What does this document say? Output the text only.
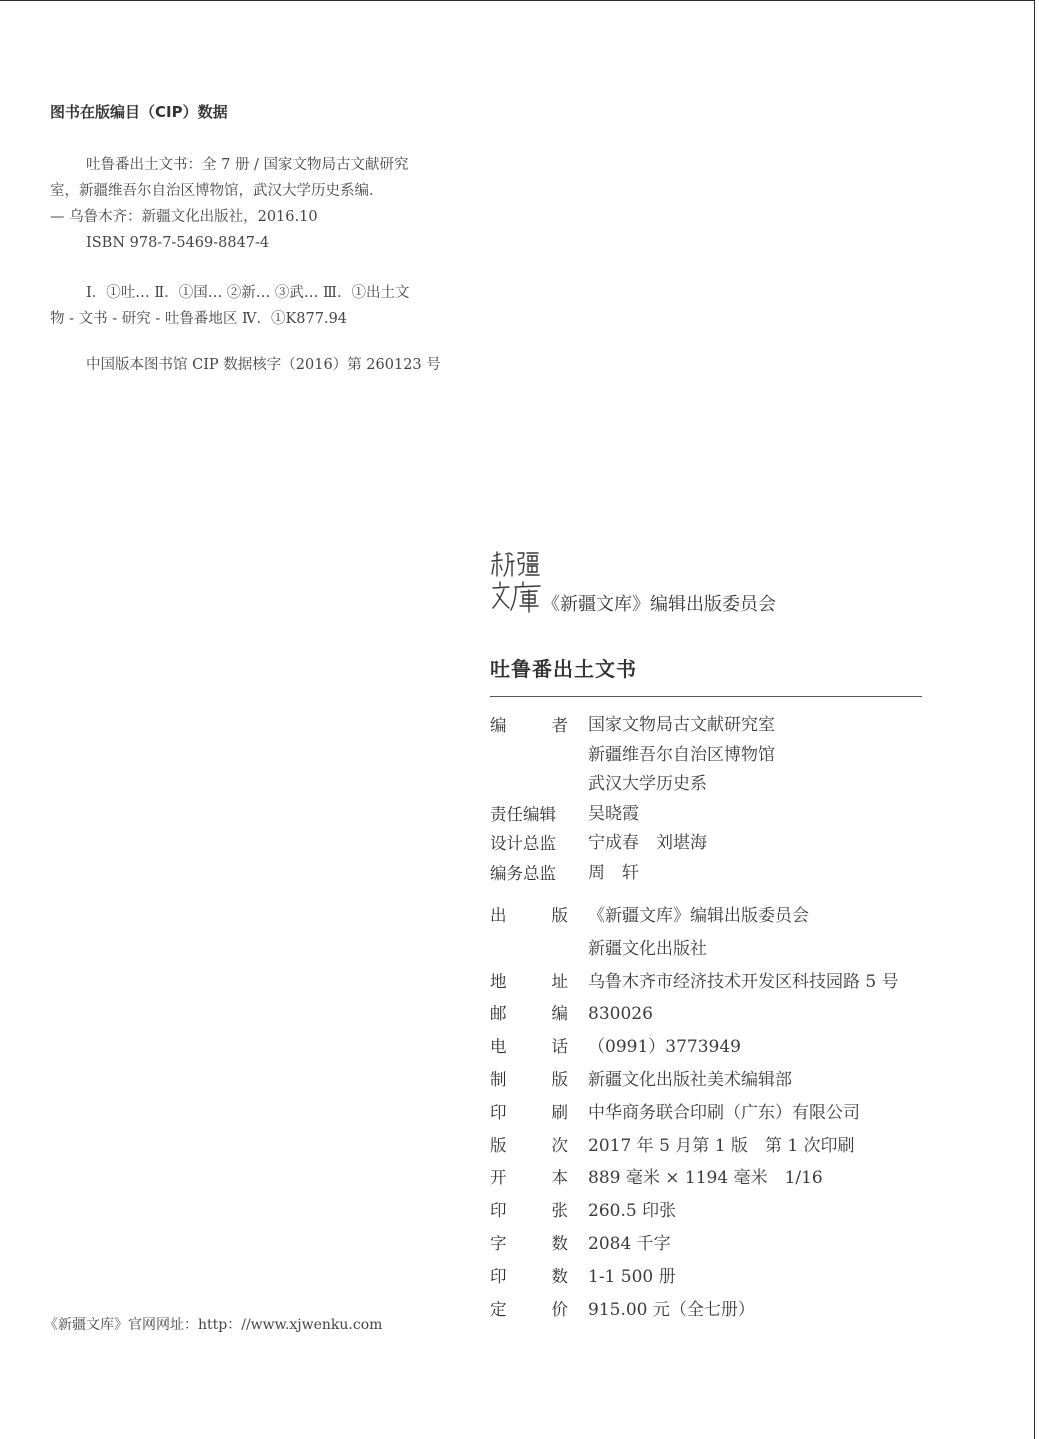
图书在版编目（CIP）数据

吐鲁番出土文书：全 7 册 / 国家文物局古文献研究

室，新疆维吾尔自治区博物馆，武汉大学历史系编．

— 乌鲁木齐：新疆文化出版社，2016.10

ISBN 978-7-5469-8847-4

Ⅰ．①吐… Ⅱ．①国… ②新… ③武… Ⅲ．①出土文

物 - 文书 - 研究 - 吐鲁番地区 Ⅳ．①K877.94

中国版本图书馆 CIP 数据核字（2016）第 260123 号

《新疆文库》官网网址：http：//www.xjwenku.com
《新疆文库》编辑出版委员会
吐鲁番出土文书
编	者 国家文物局古文献研究室
新疆维吾尔自治区博物馆
武汉大学历史系
责任编辑	吴晓霞
设计总监	宁成春　刘堪海
编务总监	周　轩
出	版 《新疆文库》编辑出版委员会
新疆文化出版社
地	址 乌鲁木齐市经济技术开发区科技园路 5 号
邮	编 830026
电	话 （0991）3773949
制	版 新疆文化出版社美术编辑部
印	刷 中华商务联合印刷（广东）有限公司
版	次 2017 年 5 月第 1 版　第 1 次印刷
开	本 889 毫米 × 1194 毫米　1/16
印	张 260.5 印张
字	数 2084 千字
印	数 1-1 500 册
定	价 915.00 元（全七册）
